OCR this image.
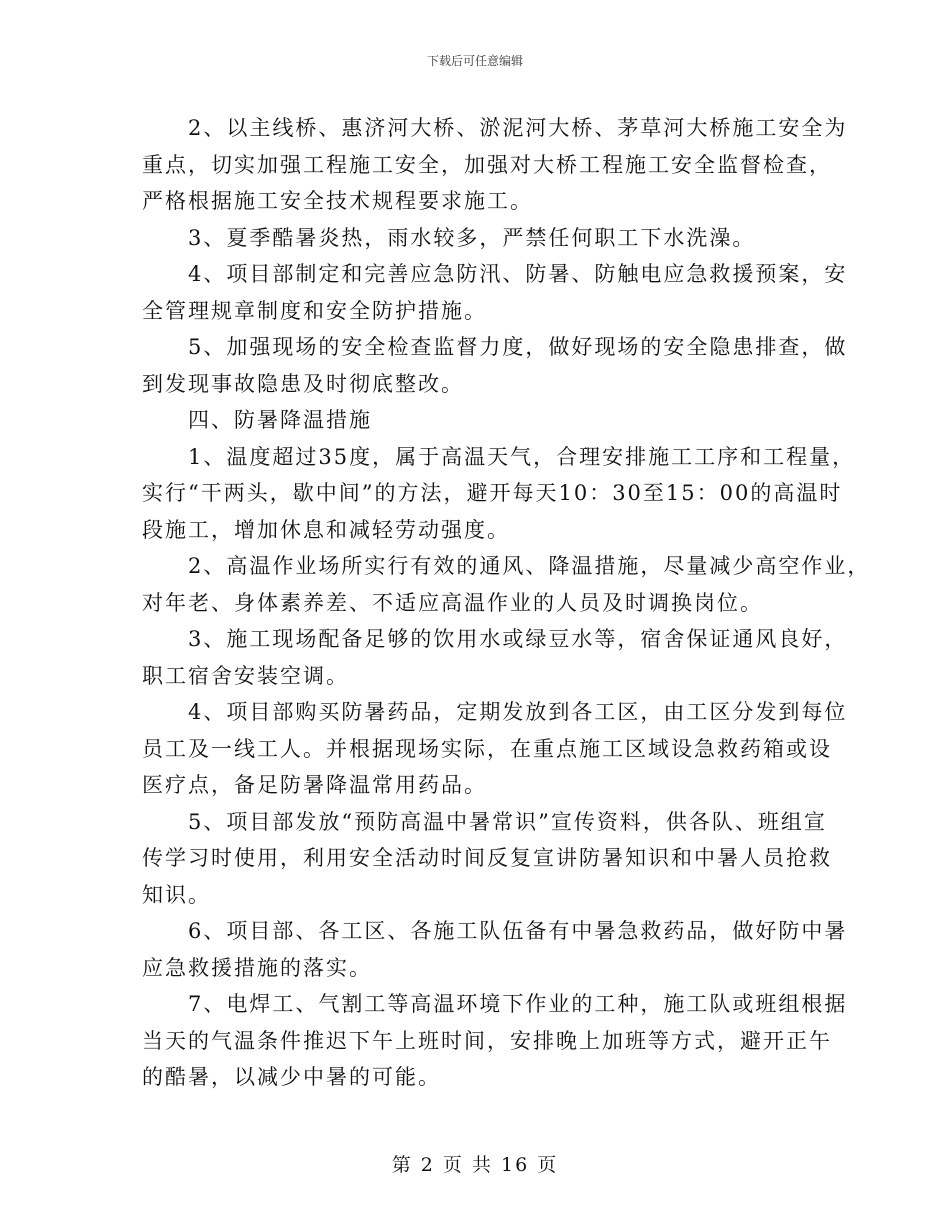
下载后可任意编辑

2、以主线桥、惠济河大桥、淤泥河大桥、茅草河大桥施工安全为
重点，切实加强工程施工安全，加强对大桥工程施工安全监督检查，
严格根据施工安全技术规程要求施工。

3、夏季酷暑炎热，雨水较多，严禁任何职工下水洗澡。

4、项目部制定和完善应急防汛、防暑、防触电应急救援预案，安
全管理规章制度和安全防护措施。

5、加强现场的安全检查监督力度，做好现场的安全隐患排查，做
到发现事故隐患及时彻底整改。

四、防暑降温措施

1、温度超过35度，属于高温天气，合理安排施工工序和工程量，
实行“干两头，歇中间”的方法，避开每天10：30至15：00的高温时
段施工，增加休息和减轻劳动强度。

2、高温作业场所实行有效的通风、降温措施，尽量减少高空作业，
对年老、身体素养差、不适应高温作业的人员及时调换岗位。

3、施工现场配备足够的饮用水或绿豆水等，宿舍保证通风良好，
职工宿舍安装空调。

4、项目部购买防暑药品，定期发放到各工区，由工区分发到每位
员工及一线工人。并根据现场实际，在重点施工区域设急救药箱或设
医疗点，备足防暑降温常用药品。

5、项目部发放“预防高温中暑常识”宣传资料，供各队、班组宣
传学习时使用，利用安全活动时间反复宣讲防暑知识和中暑人员抢救
知识。

6、项目部、各工区、各施工队伍备有中暑急救药品，做好防中暑
应急救援措施的落实。

7、电焊工、气割工等高温环境下作业的工种，施工队或班组根据
当天的气温条件推迟下午上班时间，安排晚上加班等方式，避开正午
的酷暑，以减少中暑的可能。

第 2 页 共 16 页
